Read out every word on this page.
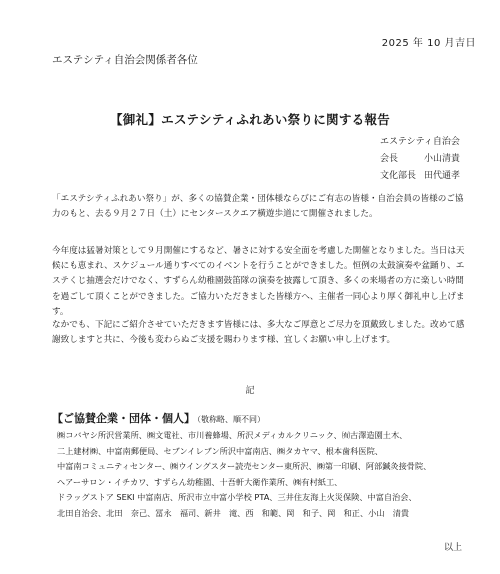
2025 年 10 月吉日
エステシティ自治会関係者各位
【御礼】エステシティふれあい祭りに関する報告
エステシティ自治会
会長	小山清貴
文化部長 田代通孝
「エステシティふれあい祭り」が、多くの協賛企業・団体様ならびにご有志の皆様・自治会員の皆様のご協力のもと、去る９月２７日（土）にセンタースクエア横遊歩道にて開催されました。
今年度は猛暑対策として９月開催にするなど、暑さに対する安全面を考慮した開催となりました。当日は天候にも恵まれ、スケジュール通りすべてのイベントを行うことができました。恒例の太鼓演奏や盆踊り、エステくじ抽選会だけでなく、すずらん幼稚園鼓笛隊の演奏を披露して頂き、多くの来場者の方に楽しい時間を過ごして頂くことができました。ご協力いただきました皆様方へ、主催者一同心より厚く御礼申し上げます。
なかでも、下記にご紹介させていただきます皆様には、多大なご厚意とご尽力を頂戴致しました。改めて感謝致しますと共に、今後も変わらぬご支援を賜わります様、宜しくお願い申し上げます。
記
【ご協賛企業・団体・個人】 （敬称略、順不同）
㈱コバヤシ所沢営業所、㈱文電社、市川養蜂場、所沢メディカルクリニック、㈲古澤造園土木、
二上建材㈱、中富南郵便局、セブンイレブン所沢中富南店、㈱タカヤマ、根本歯科医院、
中富南コミュニティセンター、㈱ウイングスター読売センター東所沢、㈱第一印刷、阿部鍼灸接骨院、
ヘアーサロン・イチカワ、すずらん幼稚園、十吾軒大衛作業所、㈱有村紙工、
ドラッグストア SEKI 中富南店、所沢市立中富小学校 PTA、三井住友海上火災保険、中富自治会、
北田自治会、北田　奈己、冨永　福司、新井　滝、西　和範、岡　和子、岡　和正、小山　清貴
以上
